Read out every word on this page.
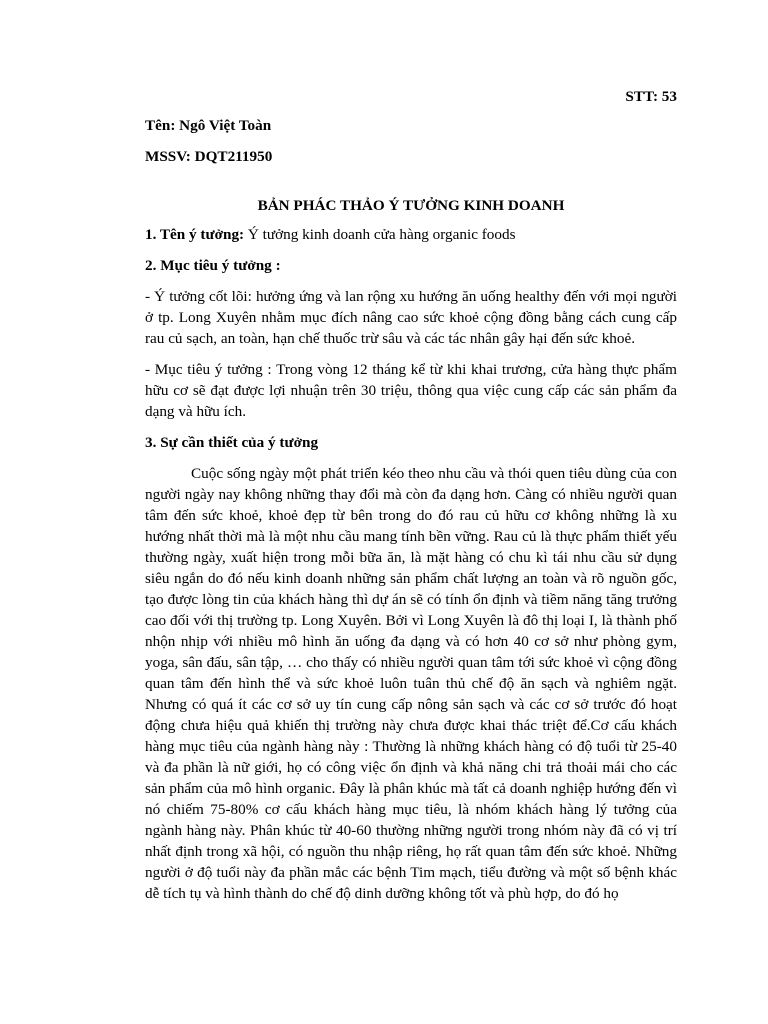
STT: 53
Tên: Ngô Việt Toàn
MSSV: DQT211950
BẢN PHÁC THẢO Ý TƯỞNG KINH DOANH
1. Tên ý tưởng: Ý tưởng kinh doanh cửa hàng organic foods
2. Mục tiêu ý tưởng :

- Ý tưởng cốt lõi: hưởng ứng và lan rộng xu hướng ăn uống healthy đến với mọi người ở tp. Long Xuyên nhằm mục đích nâng cao sức khoẻ cộng đồng bằng cách cung cấp rau củ sạch, an toàn, hạn chế thuốc trừ sâu và các tác nhân gây hại đến sức khoẻ.

- Mục tiêu ý tưởng : Trong vòng 12 tháng kể từ khi khai trương, cửa hàng thực phẩm hữu cơ sẽ đạt được lợi nhuận trên 30 triệu, thông qua việc cung cấp các sản phẩm đa dạng và hữu ích.

3. Sự cần thiết của ý tưởng

Cuộc sống ngày một phát triển kéo theo nhu cầu và thói quen tiêu dùng của con người ngày nay không những thay đổi mà còn đa dạng hơn. Càng có nhiều người quan tâm đến sức khoẻ, khoẻ đẹp từ bên trong do đó rau củ hữu cơ không những là xu hướng nhất thời mà là một nhu cầu mang tính bền vững. Rau củ là thực phẩm thiết yếu thường ngày, xuất hiện trong mỗi bữa ăn, là mặt hàng có chu kì tái nhu cầu sử dụng siêu ngắn do đó nếu kinh doanh những sản phẩm chất lượng an toàn và rõ nguồn gốc, tạo được lòng tin của khách hàng thì dự án sẽ có tính ổn định và tiềm năng tăng trưởng cao đối với thị trường tp. Long Xuyên. Bởi vì Long Xuyên là đô thị loại I, là thành phố nhộn nhịp với nhiều mô hình ăn uống đa dạng và có hơn 40 cơ sở như phòng gym, yoga, sân đấu, sân tập, … cho thấy có nhiều người quan tâm tới sức khoẻ vì cộng đồng quan tâm đến hình thể và sức khoẻ luôn tuân thủ chế độ ăn sạch và nghiêm ngặt. Nhưng có quá ít các cơ sở uy tín cung cấp nông sản sạch và các cơ sở trước đó hoạt động chưa hiệu quả khiến thị trường này chưa được khai thác triệt để.Cơ cấu khách hàng mục tiêu của ngành hàng này : Thường là những khách hàng có độ tuổi từ 25-40 và đa phần là nữ giới, họ có công việc ổn định và khả năng chi trả thoải mái cho các sản phẩm của mô hình organic. Đây là phân khúc mà tất cả doanh nghiệp hướng đến vì nó chiếm 75-80% cơ cấu khách hàng mục tiêu, là nhóm khách hàng lý tưởng của ngành hàng này. Phân khúc từ 40-60 thường những người trong nhóm này đã có vị trí nhất định trong xã hội, có nguồn thu nhập riêng, họ rất quan tâm đến sức khoẻ. Những người ở độ tuổi này đa phần mắc các bệnh Tim mạch, tiểu đường và một số bệnh khác dễ tích tụ và hình thành do chế độ dinh dưỡng không tốt và phù hợp, do đó họ
